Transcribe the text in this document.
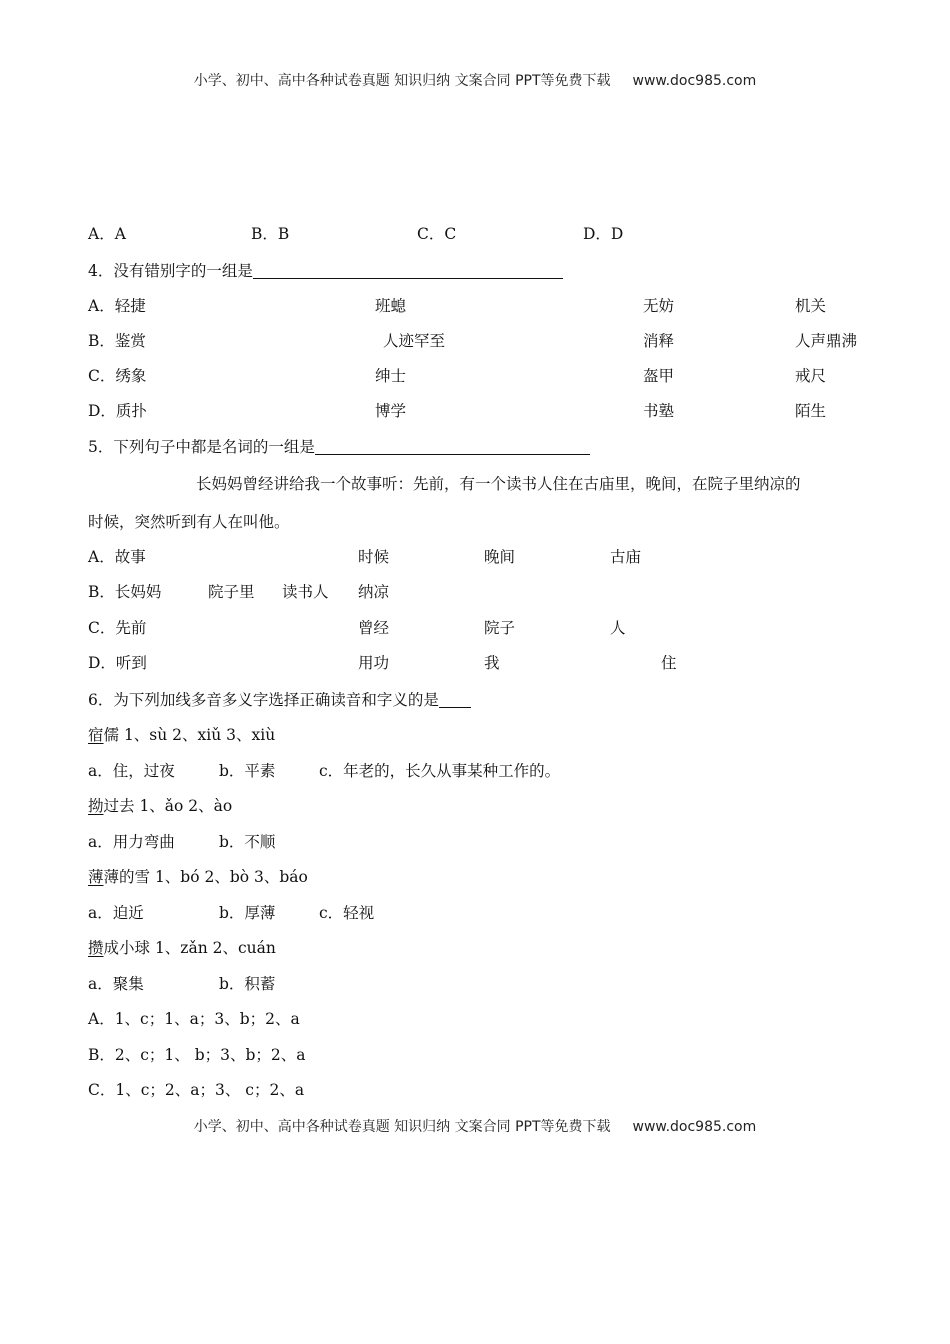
小学、初中、高中各种试卷真题 知识归纳 文案合同 PPT等免费下载 www.doc985.com
A．A	B．B	C．C	D．D
4．没有错别字的一组是
A．轻捷	班螅	无妨	机关
B．鉴赏	人迹罕至	消释	人声鼎沸
C．绣象	绅士	盔甲	戒尺
D．质扑	博学	书塾	陌生
5．下列句子中都是名词的一组是
长妈妈曾经讲给我一个故事听：先前，有一个读书人住在古庙里，晚间，在院子里纳凉的
时候，突然听到有人在叫他。
A．故事	时候	晚间	古庙
B．长妈妈	院子里 读书人 纳凉
C．先前	曾经	院子	人
D．听到	用功	我	住
6．为下列加线多音多义字选择正确读音和字义的是
宿儒 1、sù 2、xiǔ 3、xiù
a．住，过夜	b．平素	c．年老的，长久从事某种工作的。
拗过去 1、ǎo 2、ào
a．用力弯曲	b．不顺
薄薄的雪 1、bó 2、bò 3、báo
a．迫近	b．厚薄	c．轻视
攒成小球 1、zǎn 2、cuán
a．聚集	b．积蓄
A．1、c；1、a；3、b；2、a
B．2、c；1、 b；3、b；2、a
C．1、c；2、a；3、 c；2、a
小学、初中、高中各种试卷真题 知识归纳 文案合同 PPT等免费下载 www.doc985.com
